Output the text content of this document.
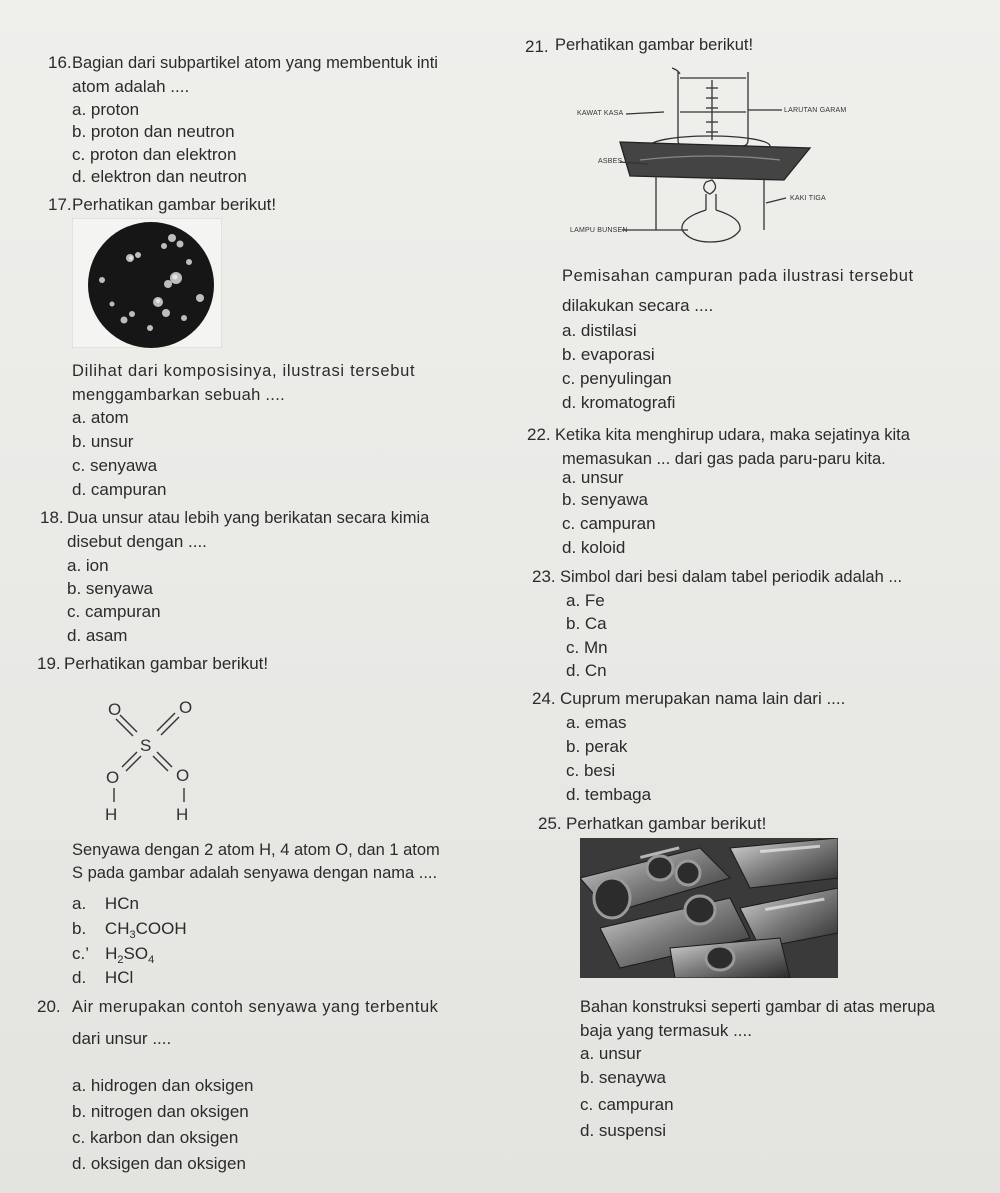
16. Bagian dari subpartikel atom yang membentuk inti
atom adalah ....
a. proton
b. proton dan neutron
c. proton dan elektron
d. elektron dan neutron
17. Perhatikan gambar berikut!
Dilihat dari komposisinya, ilustrasi tersebut
menggambarkan sebuah ....
a. atom
b. unsur
c. senyawa
d. campuran
18. Dua unsur atau lebih yang berikatan secara kimia
disebut dengan ....
a. ion
b. senyawa
c. campuran
d. asam
19. Perhatikan gambar berikut!
O	O
S
O	O
H	H
Senyawa dengan 2 atom H, 4 atom O, dan 1 atom
S pada gambar adalah senyawa dengan nama ....
a. HCn
b. $CH_3COOH$
c.’ $H_2SO_4$
d. HCl
20. Air merupakan contoh senyawa yang terbentuk
dari unsur ....
a. hidrogen dan oksigen
b. nitrogen dan oksigen
c. karbon dan oksigen
d. oksigen dan oksigen
21. Perhatikan gambar berikut!
KAWAT KASA	LARUTAN GARAM
ASBES
KAKI TIGA
LAMPU BUNSEN
Pemisahan campuran pada ilustrasi tersebut
dilakukan secara ....
a. distilasi
b. evaporasi
c. penyulingan
d. kromatografi
22. Ketika kita menghirup udara, maka sejatinya kita
memasukan ... dari gas pada paru-paru kita.
a. unsur
b. senyawa
c. campuran
d. koloid
23. Simbol dari besi dalam tabel periodik adalah ...
a. Fe
b. Ca
c. Mn
d. Cn
24. Cuprum merupakan nama lain dari ....
a. emas
b. perak
c. besi
d. tembaga
25. Perhatkan gambar berikut!
Bahan konstruksi seperti gambar di atas merupa
baja yang termasuk ....
a. unsur
b. senaywa
c. campuran
d. suspensi
